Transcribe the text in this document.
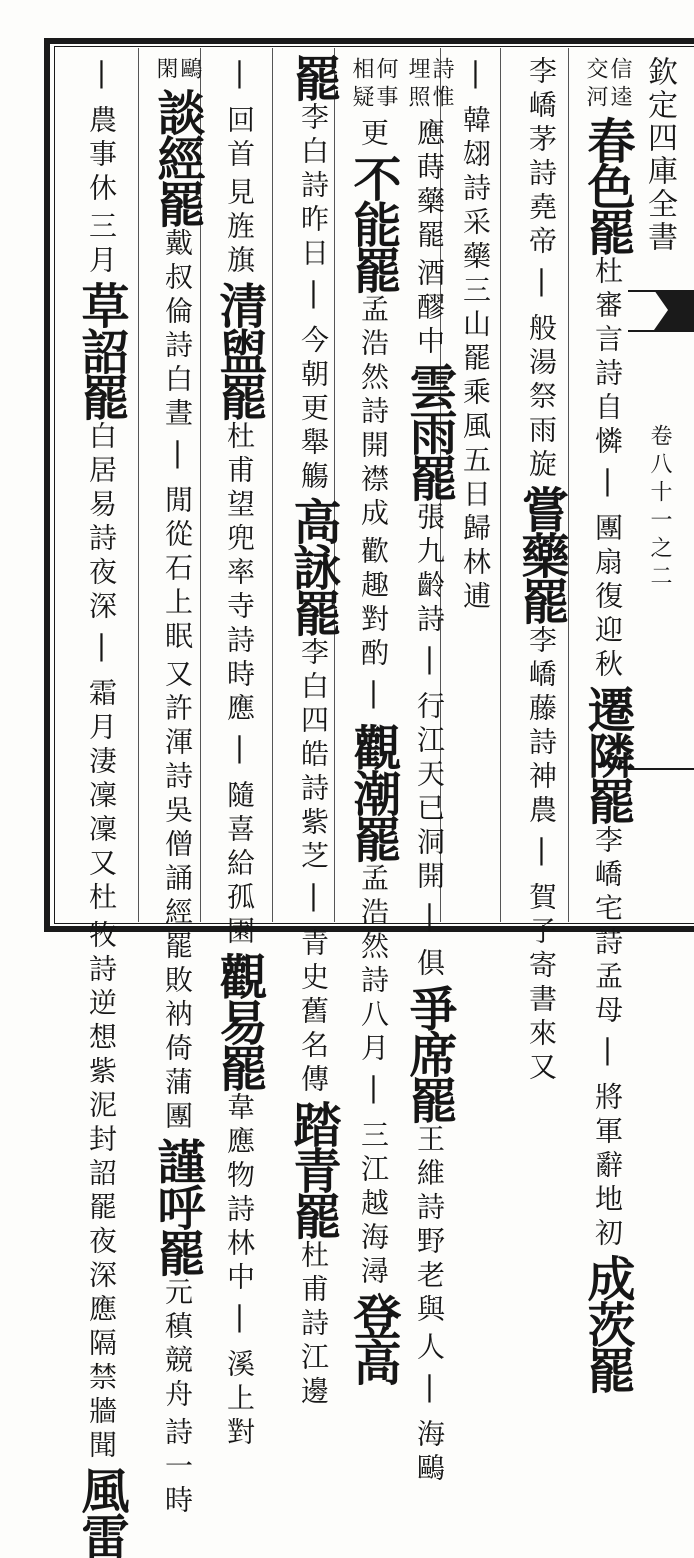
欽定四庫全書
卷八十一之二
信逵
交河
春色罷
杜審言詩自憐
|
團扇復迎秋
遷隣罷
李嶠宅詩孟母
|
將軍辭地初
成茨罷
李嶠茅詩堯帝
|
般湯祭雨旋
嘗藥罷
李嶠藤詩神農
|
賀子寄書來又
|
韓翃詩采藥三山罷乘風五日歸林逋
詩惟
埋照
應蒔藥罷
酒醪中
雲雨罷
張九齡詩
|
行江天已洞開
|
俱
爭席罷
王維詩野老與
人
|
海鷗
何事
相疑
更
不能罷
孟浩然詩開襟成
歡趣對酌
|
觀潮罷
孟浩然詩八月
|
三江越海潯
登高
罷
李白詩昨日
|
今朝更舉觴
高詠罷
李白四皓詩紫芝
|
青史舊名傳
踏青罷
杜甫詩江邊
|
回首
見旌旗
清盥罷
杜甫望兜率寺詩時應
|
隨喜給孤園
觀易罷
韋應物詩林中
|
溪上對
鷗
閑
談經罷
戴叔倫詩白晝
|
閒從石上眠
又許渾詩吳僧誦經罷敗衲倚蒲團
謹呼罷
元稹競舟
詩一時
|
農事休
三月
草詔罷
白居易詩夜深
|
霜月淒凜凜又杜
牧詩逆想紫泥封詔罷夜深應隔禁牆聞
風雷
